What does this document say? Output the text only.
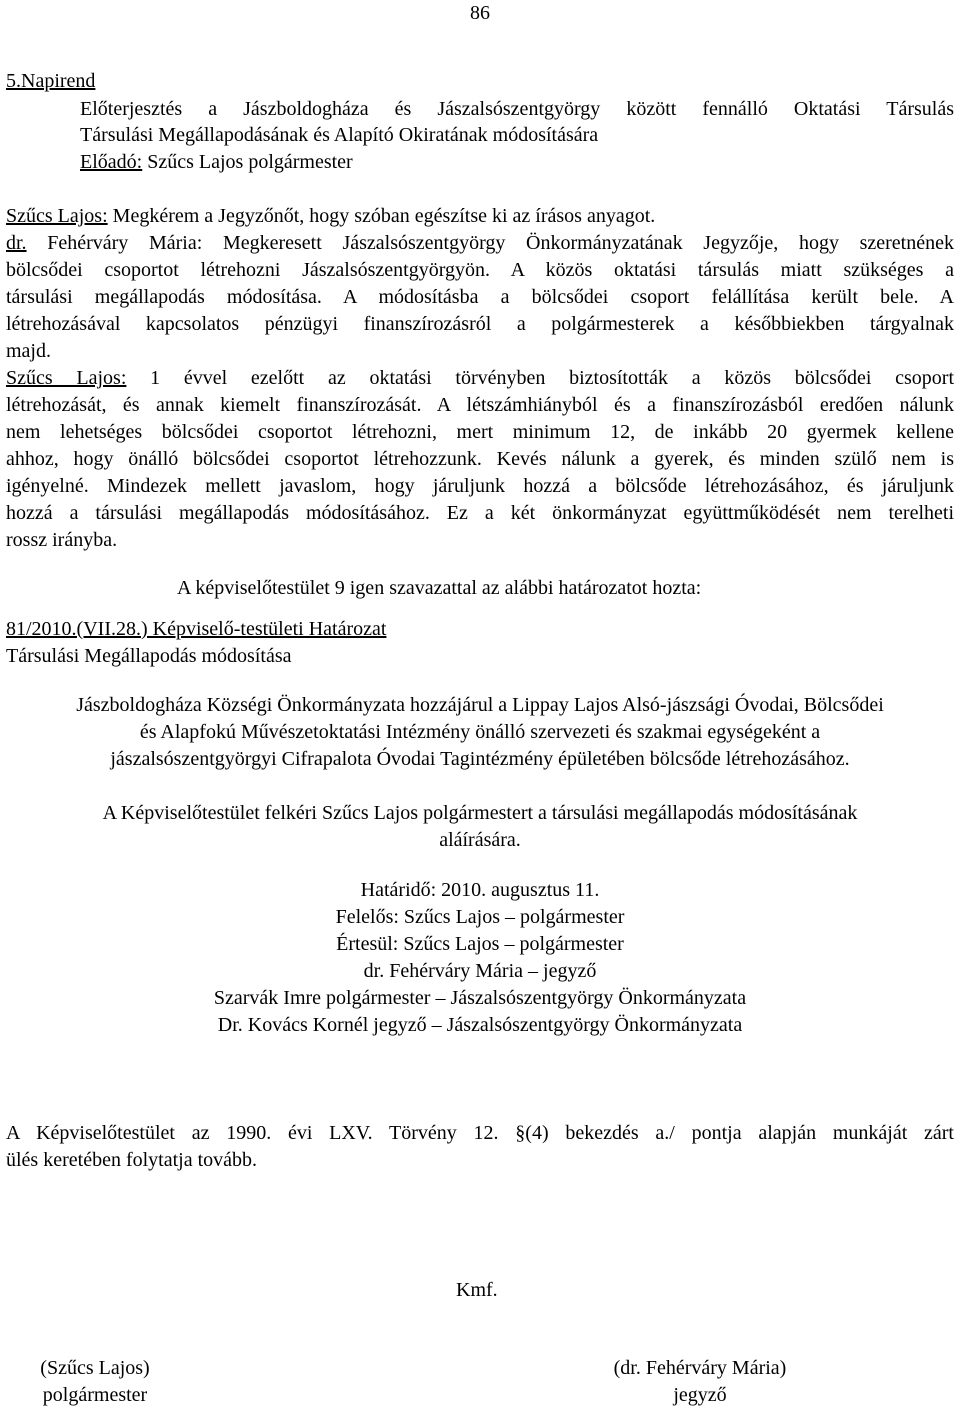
86
5.Napirend
Előterjesztés a Jászboldogháza és Jászalsószentgyörgy között fennálló Oktatási Társulás
Társulási Megállapodásának és Alapító Okiratának módosítására
Előadó: Szűcs Lajos polgármester
Szűcs Lajos: Megkérem a Jegyzőnőt, hogy szóban egészítse ki az írásos anyagot.
dr. Fehérváry Mária: Megkeresett Jászalsószentgyörgy Önkormányzatának Jegyzője, hogy szeretnének
bölcsődei csoportot létrehozni Jászalsószentgyörgyön. A közös oktatási társulás miatt szükséges a
társulási megállapodás módosítása. A módosításba a bölcsődei csoport felállítása került bele. A
létrehozásával kapcsolatos pénzügyi finanszírozásról a polgármesterek a későbbiekben tárgyalnak
majd.
Szűcs Lajos: 1 évvel ezelőtt az oktatási törvényben biztosították a közös bölcsődei csoport
létrehozását, és annak kiemelt finanszírozását. A létszámhiányból és a finanszírozásból eredően nálunk
nem lehetséges bölcsődei csoportot létrehozni, mert minimum 12, de inkább 20 gyermek kellene
ahhoz, hogy önálló bölcsődei csoportot létrehozzunk. Kevés nálunk a gyerek, és minden szülő nem is
igényelné. Mindezek mellett javaslom, hogy járuljunk hozzá a bölcsőde létrehozásához, és járuljunk
hozzá a társulási megállapodás módosításához. Ez a két önkormányzat együttműködését nem terelheti
rossz irányba.
A képviselőtestület 9 igen szavazattal az alábbi határozatot hozta:
81/2010.(VII.28.) Képviselő-testületi Határozat
Társulási Megállapodás módosítása
Jászboldogháza Községi Önkormányzata hozzájárul a Lippay Lajos Alsó-jászsági Óvodai, Bölcsődei
és Alapfokú Művészetoktatási Intézmény önálló szervezeti és szakmai egységeként a
jászalsószentgyörgyi Cifrapalota Óvodai Tagintézmény épületében bölcsőde létrehozásához.
A Képviselőtestület felkéri Szűcs Lajos polgármestert a társulási megállapodás módosításának
aláírására.
Határidő: 2010. augusztus 11.
Felelős: Szűcs Lajos – polgármester
Értesül: Szűcs Lajos – polgármester
dr. Fehérváry Mária – jegyző
Szarvák Imre polgármester – Jászalsószentgyörgy Önkormányzata
Dr. Kovács Kornél jegyző – Jászalsószentgyörgy Önkormányzata
A Képviselőtestület az 1990. évi LXV. Törvény 12. §(4) bekezdés a./ pontja alapján munkáját zárt
ülés keretében folytatja tovább.
Kmf.
(Szűcs Lajos)
polgármester
(dr. Fehérváry Mária)
jegyző
